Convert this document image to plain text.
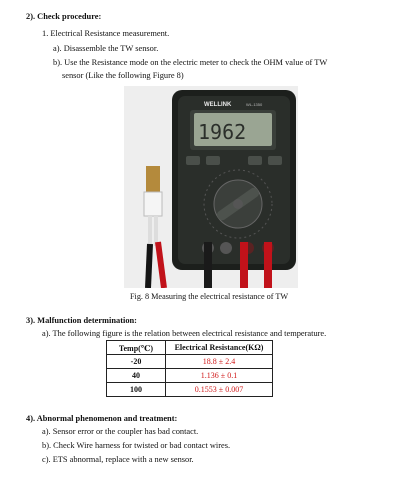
2). Check procedure:
1. Electrical Resistance measurement.
a). Disassemble the TW sensor.
b). Use the Resistance mode on the electric meter to check the OHM value of TW
sensor (Like the following Figure 8)
WELLINK	WL-1350
1962
Fig. 8 Measuring the electrical resistance of TW
3). Malfunction determination:
a). The following figure is the relation between electrical resistance and temperature.
Temp(℃)	Electrical Resistance(KΩ)
-20	18.8 ± 2.4
40	1.136 ± 0.1
100	0.1553 ± 0.007
4). Abnormal phenomenon and treatment:
a). Sensor error or the coupler has bad contact.
b). Check Wire harness for twisted or bad contact wires.
c). ETS abnormal, replace with a new sensor.
